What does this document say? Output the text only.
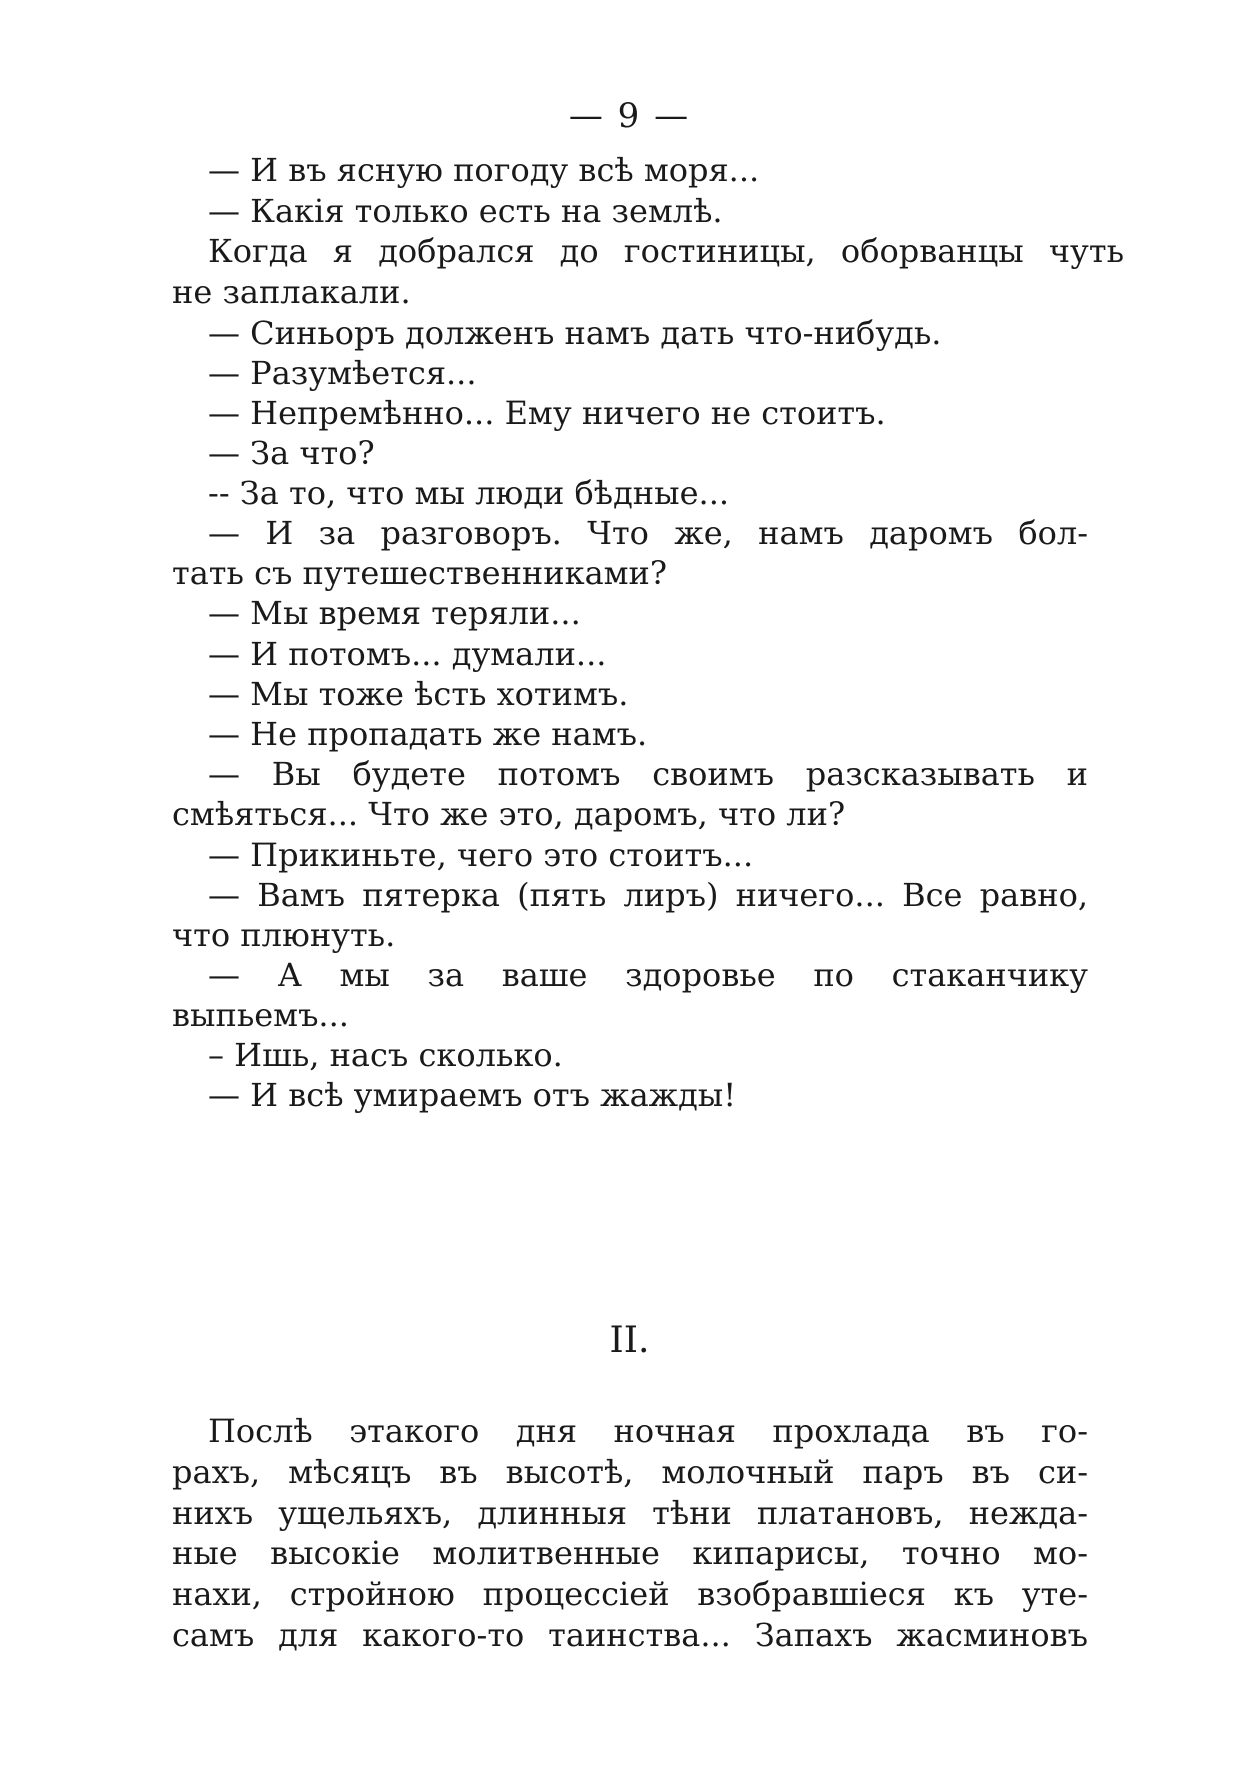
— 9 —
— И въ ясную погоду всѣ моря...
— Какія только есть на землѣ.
Когда я добрался до гостиницы, оборванцы чуть
не заплакали.
— Синьоръ долженъ намъ дать что-нибудь.
— Разумѣется...
— Непремѣнно... Ему ничего не стоитъ.
— За что?
-- За то, что мы люди бѣдные...
— И за разговоръ. Что же, намъ даромъ бол-
тать съ путешественниками?
— Мы время теряли...
— И потомъ... думали...
— Мы тоже ѣсть хотимъ.
— Не пропадать же намъ.
— Вы будете потомъ своимъ разсказывать и
смѣяться... Что же это, даромъ, что ли?
— Прикиньте, чего это стоитъ...
— Вамъ пятерка (пять лиръ) ничего... Все равно,
что плюнуть.
— А мы за ваше здоровье по стаканчику
выпьемъ...
– Ишь, насъ сколько.
— И всѣ умираемъ отъ жажды!
II.
Послѣ этакого дня ночная прохлада въ го-
рахъ, мѣсяцъ въ высотѣ, молочный паръ въ си-
нихъ ущельяхъ, длинныя тѣни платановъ, нежда-
ные высокіе молитвенные кипарисы, точно мо-
нахи, стройною процессіей взобравшіеся къ уте-
самъ для какого-то таинства... Запахъ жасминовъ
